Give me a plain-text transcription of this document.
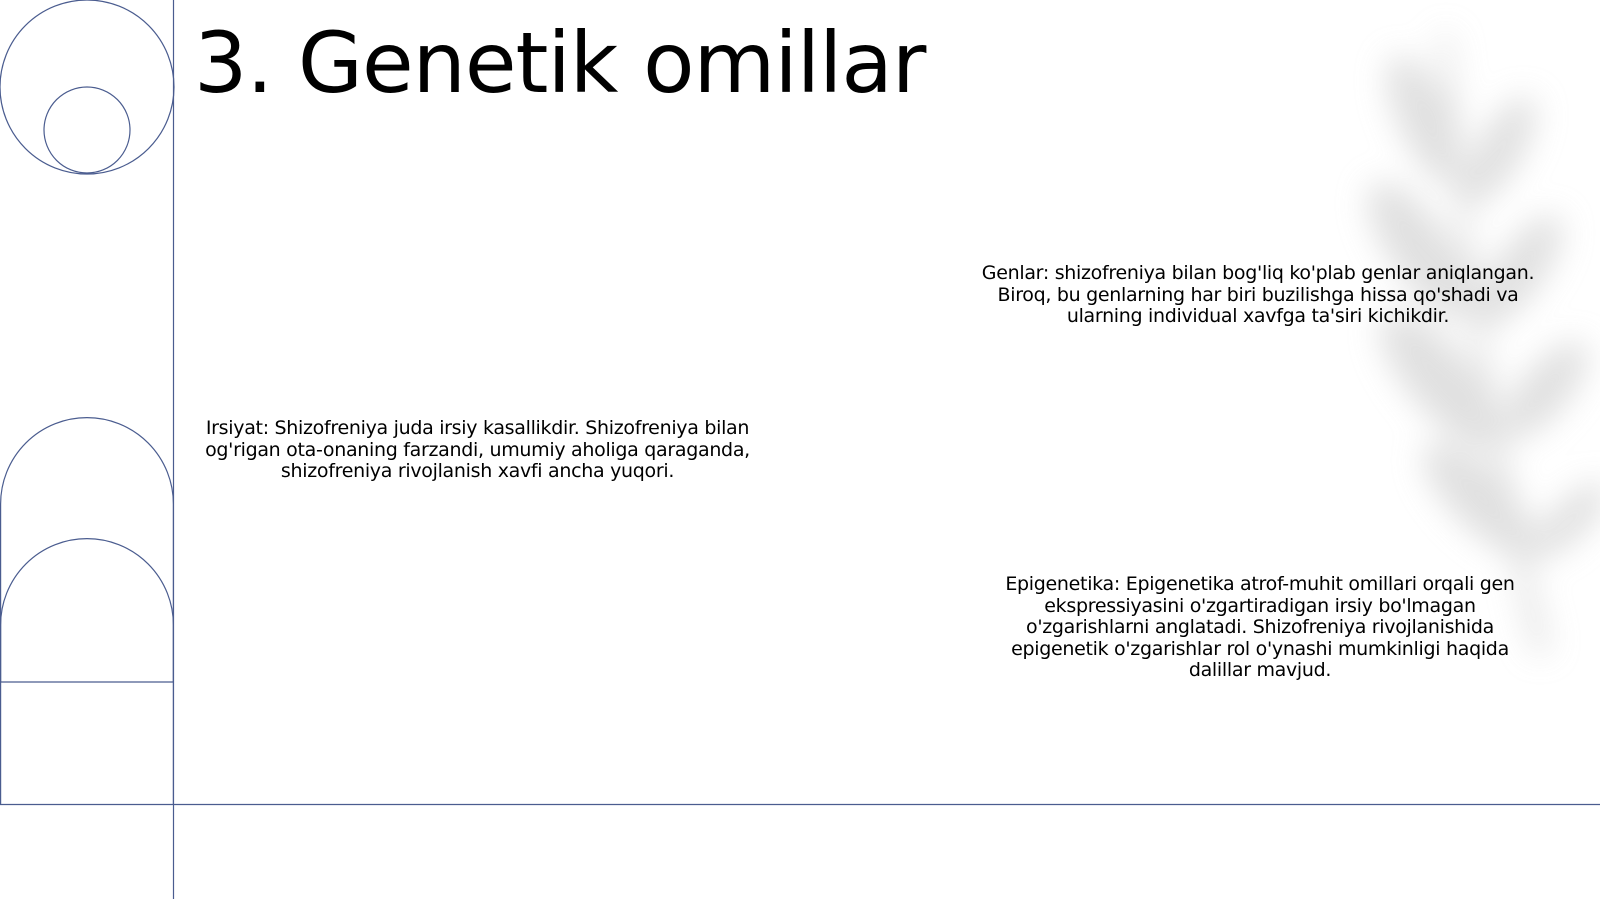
3. Genetik omillar

Irsiyat: Shizofreniya juda irsiy kasallikdir. Shizofreniya bilan og'rigan ota-onaning farzandi, umumiy aholiga qaraganda, shizofreniya rivojlanish xavfi ancha yuqori.

Genlar: shizofreniya bilan bog'liq ko'plab genlar aniqlangan. Biroq, bu genlarning har biri buzilishga hissa qo'shadi va ularning individual xavfga ta'siri kichikdir.

Epigenetika: Epigenetika atrof-muhit omillari orqali gen ekspressiyasini o'zgartiradigan irsiy bo'lmagan o'zgarishlarni anglatadi. Shizofreniya rivojlanishida epigenetik o'zgarishlar rol o'ynashi mumkinligi haqida dalillar mavjud.
